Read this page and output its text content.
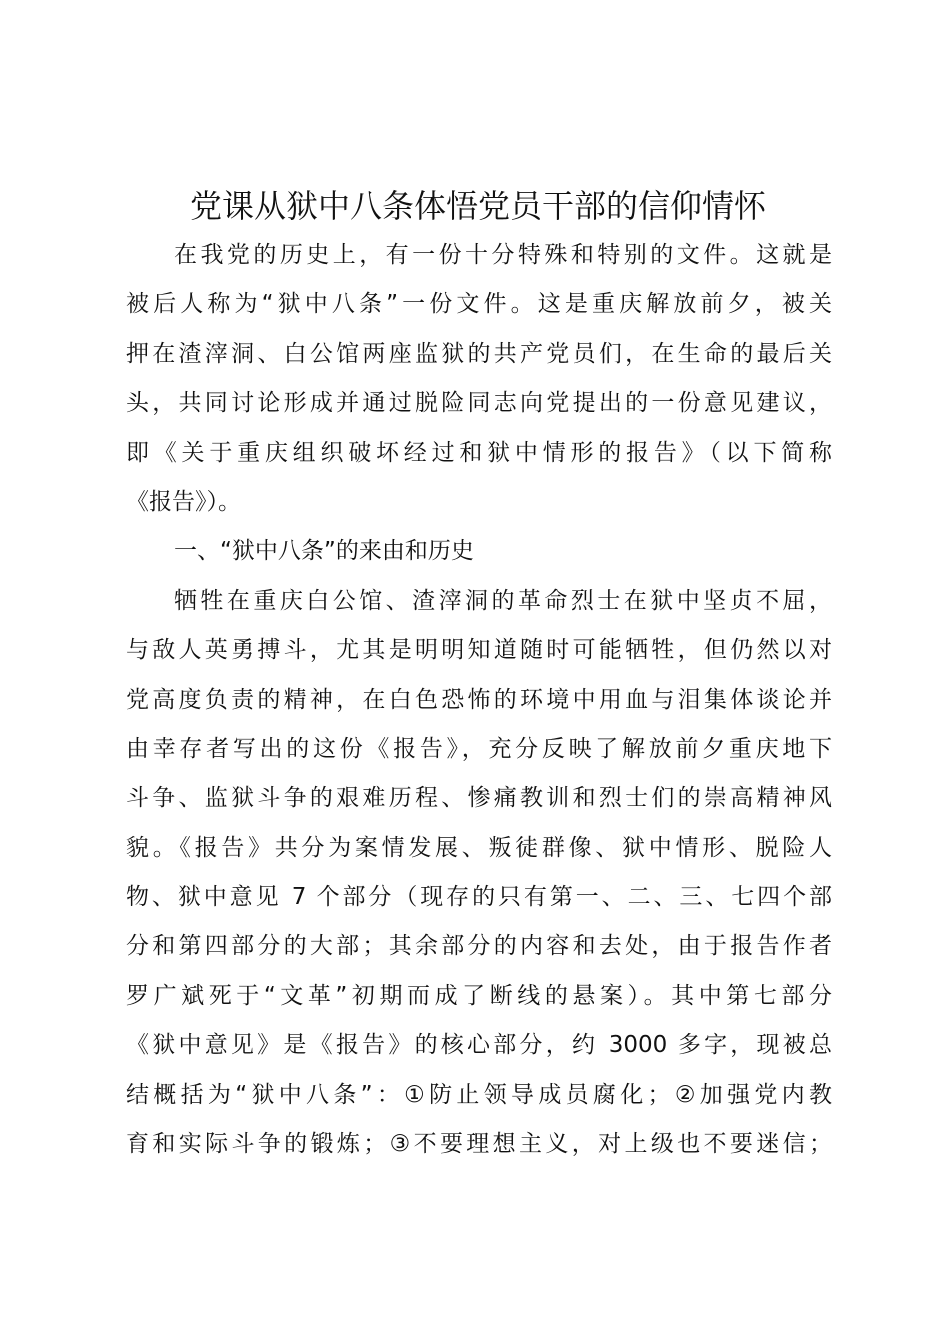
党课从狱中八条体悟党员干部的信仰情怀
在我党的历史上，有一份十分特殊和特别的文件。这就是
被后人称为“狱中八条”一份文件。这是重庆解放前夕，被关
押在渣滓洞、白公馆两座监狱的共产党员们，在生命的最后关
头，共同讨论形成并通过脱险同志向党提出的一份意见建议，
即《关于重庆组织破坏经过和狱中情形的报告》（以下简称
《报告》）。

一、“狱中八条”的来由和历史

牺牲在重庆白公馆、渣滓洞的革命烈士在狱中坚贞不屈，
与敌人英勇搏斗，尤其是明明知道随时可能牺牲，但仍然以对
党高度负责的精神，在白色恐怖的环境中用血与泪集体谈论并
由幸存者写出的这份《报告》，充分反映了解放前夕重庆地下
斗争、监狱斗争的艰难历程、惨痛教训和烈士们的崇高精神风
貌。《报告》共分为案情发展、叛徒群像、狱中情形、脱险人
物、狱中意见 7 个部分（现存的只有第一、二、三、七四个部
分和第四部分的大部；其余部分的内容和去处，由于报告作者
罗广斌死于“文革”初期而成了断线的悬案）。其中第七部分
《狱中意见》是《报告》的核心部分，约 3000 多字，现被总
结概括为“狱中八条”：①防止领导成员腐化；②加强党内教
育和实际斗争的锻炼；③不要理想主义，对上级也不要迷信；
